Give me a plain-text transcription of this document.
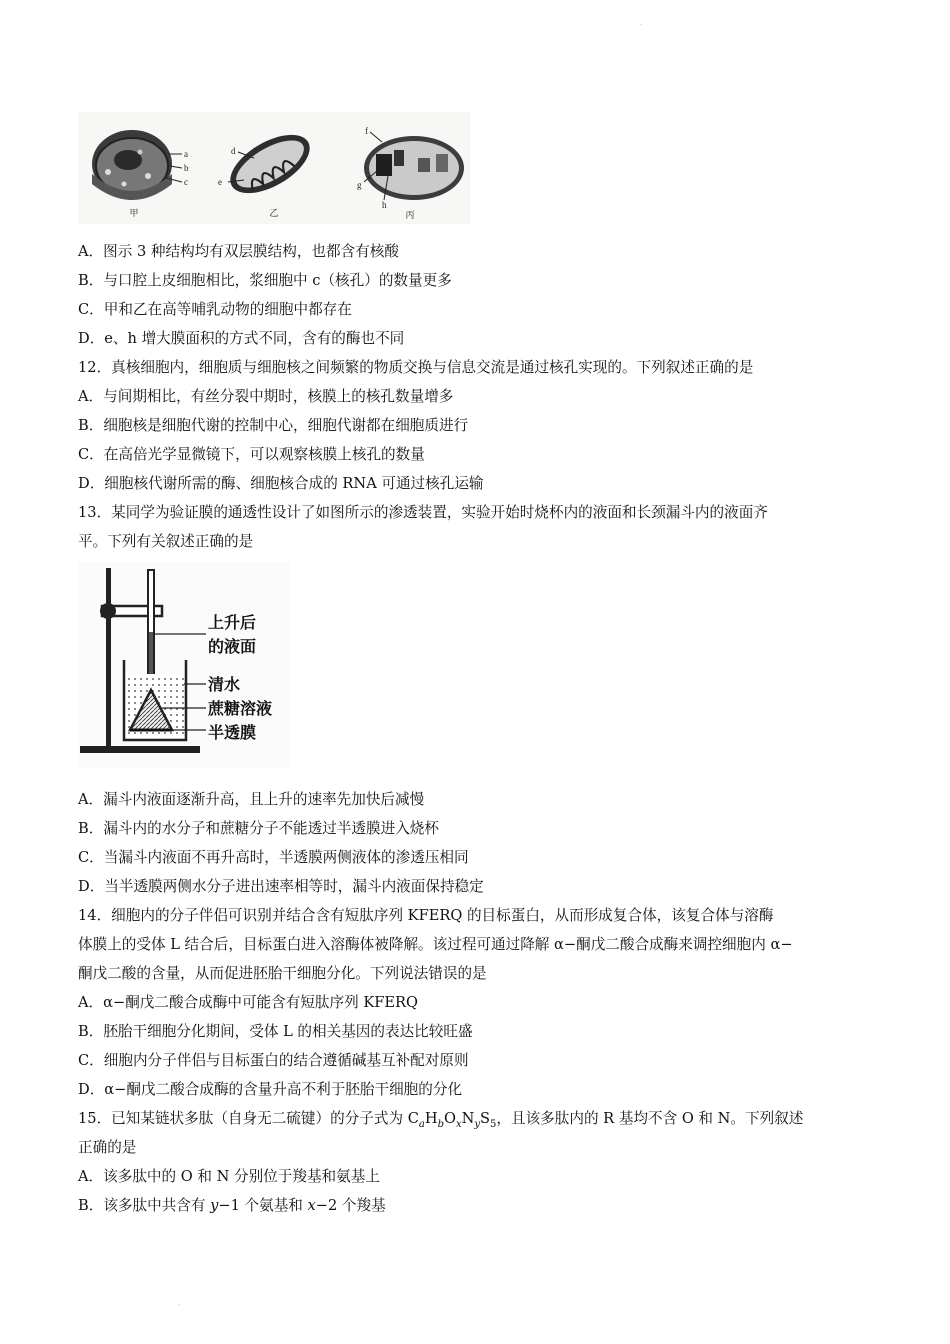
·
·
a
b
c
甲
d
e
乙
f
g
h
丙
A．图示 3 种结构均有双层膜结构，也都含有核酸
B．与口腔上皮细胞相比，浆细胞中 c（核孔）的数量更多
C．甲和乙在高等哺乳动物的细胞中都存在
D．e、h 增大膜面积的方式不同，含有的酶也不同
12．真核细胞内，细胞质与细胞核之间频繁的物质交换与信息交流是通过核孔实现的。下列叙述正确的是
A．与间期相比，有丝分裂中期时，核膜上的核孔数量增多
B．细胞核是细胞代谢的控制中心，细胞代谢都在细胞质进行
C．在高倍光学显微镜下，可以观察核膜上核孔的数量
D．细胞核代谢所需的酶、细胞核合成的 RNA 可通过核孔运输
13．某同学为验证膜的通透性设计了如图所示的渗透装置，实验开始时烧杯内的液面和长颈漏斗内的液面齐
平。下列有关叙述正确的是
上升后
的液面
清水
蔗糖溶液
半透膜
A．漏斗内液面逐渐升高，且上升的速率先加快后减慢
B．漏斗内的水分子和蔗糖分子不能透过半透膜进入烧杯
C．当漏斗内液面不再升高时，半透膜两侧液体的渗透压相同
D．当半透膜两侧水分子进出速率相等时，漏斗内液面保持稳定
14．细胞内的分子伴侣可识别并结合含有短肽序列 KFERQ 的目标蛋白，从而形成复合体，该复合体与溶酶
体膜上的受体 L 结合后，目标蛋白进入溶酶体被降解。该过程可通过降解 α−酮戊二酸合成酶来调控细胞内 α−
酮戊二酸的含量，从而促进胚胎干细胞分化。下列说法错误的是
A．α−酮戊二酸合成酶中可能含有短肽序列 KFERQ
B．胚胎干细胞分化期间，受体 L 的相关基因的表达比较旺盛
C．细胞内分子伴侣与目标蛋白的结合遵循碱基互补配对原则
D．α−酮戊二酸合成酶的含量升高不利于胚胎干细胞的分化
15．已知某链状多肽（自身无二硫键）的分子式为 $C_aH_bO_xN_yS_5$，且该多肽内的 R 基均不含 O 和 N。下列叙述
正确的是
A．该多肽中的 O 和 N 分别位于羧基和氨基上
B．该多肽中共含有 y−1 个氨基和 x−2 个羧基
